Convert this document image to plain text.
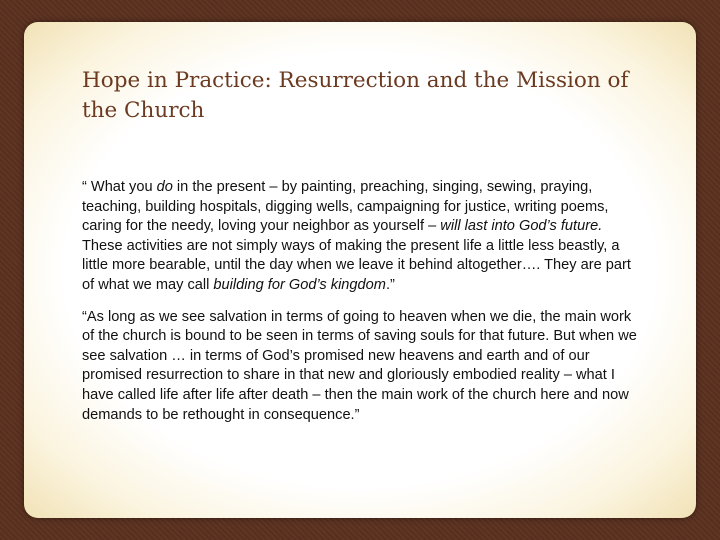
Hope in Practice: Resurrection and the Mission of the Church

“ What you do in the present – by painting, preaching, singing, sewing, praying, teaching, building hospitals, digging wells, campaigning for justice, writing poems, caring for the needy, loving your neighbor as yourself – will last into God’s future. These activities are not simply ways of making the present life a little less beastly, a little more bearable, until the day when we leave it behind altogether…. They are part of what we may call building for God’s kingdom.”

“As long as we see salvation in terms of going to heaven when we die, the main work of the church is bound to be seen in terms of saving souls for that future. But when we see salvation … in terms of God’s promised new heavens and earth and of our promised resurrection to share in that new and gloriously embodied reality – what I have called life after life after death – then the main work of the church here and now demands to be rethought in consequence.”
